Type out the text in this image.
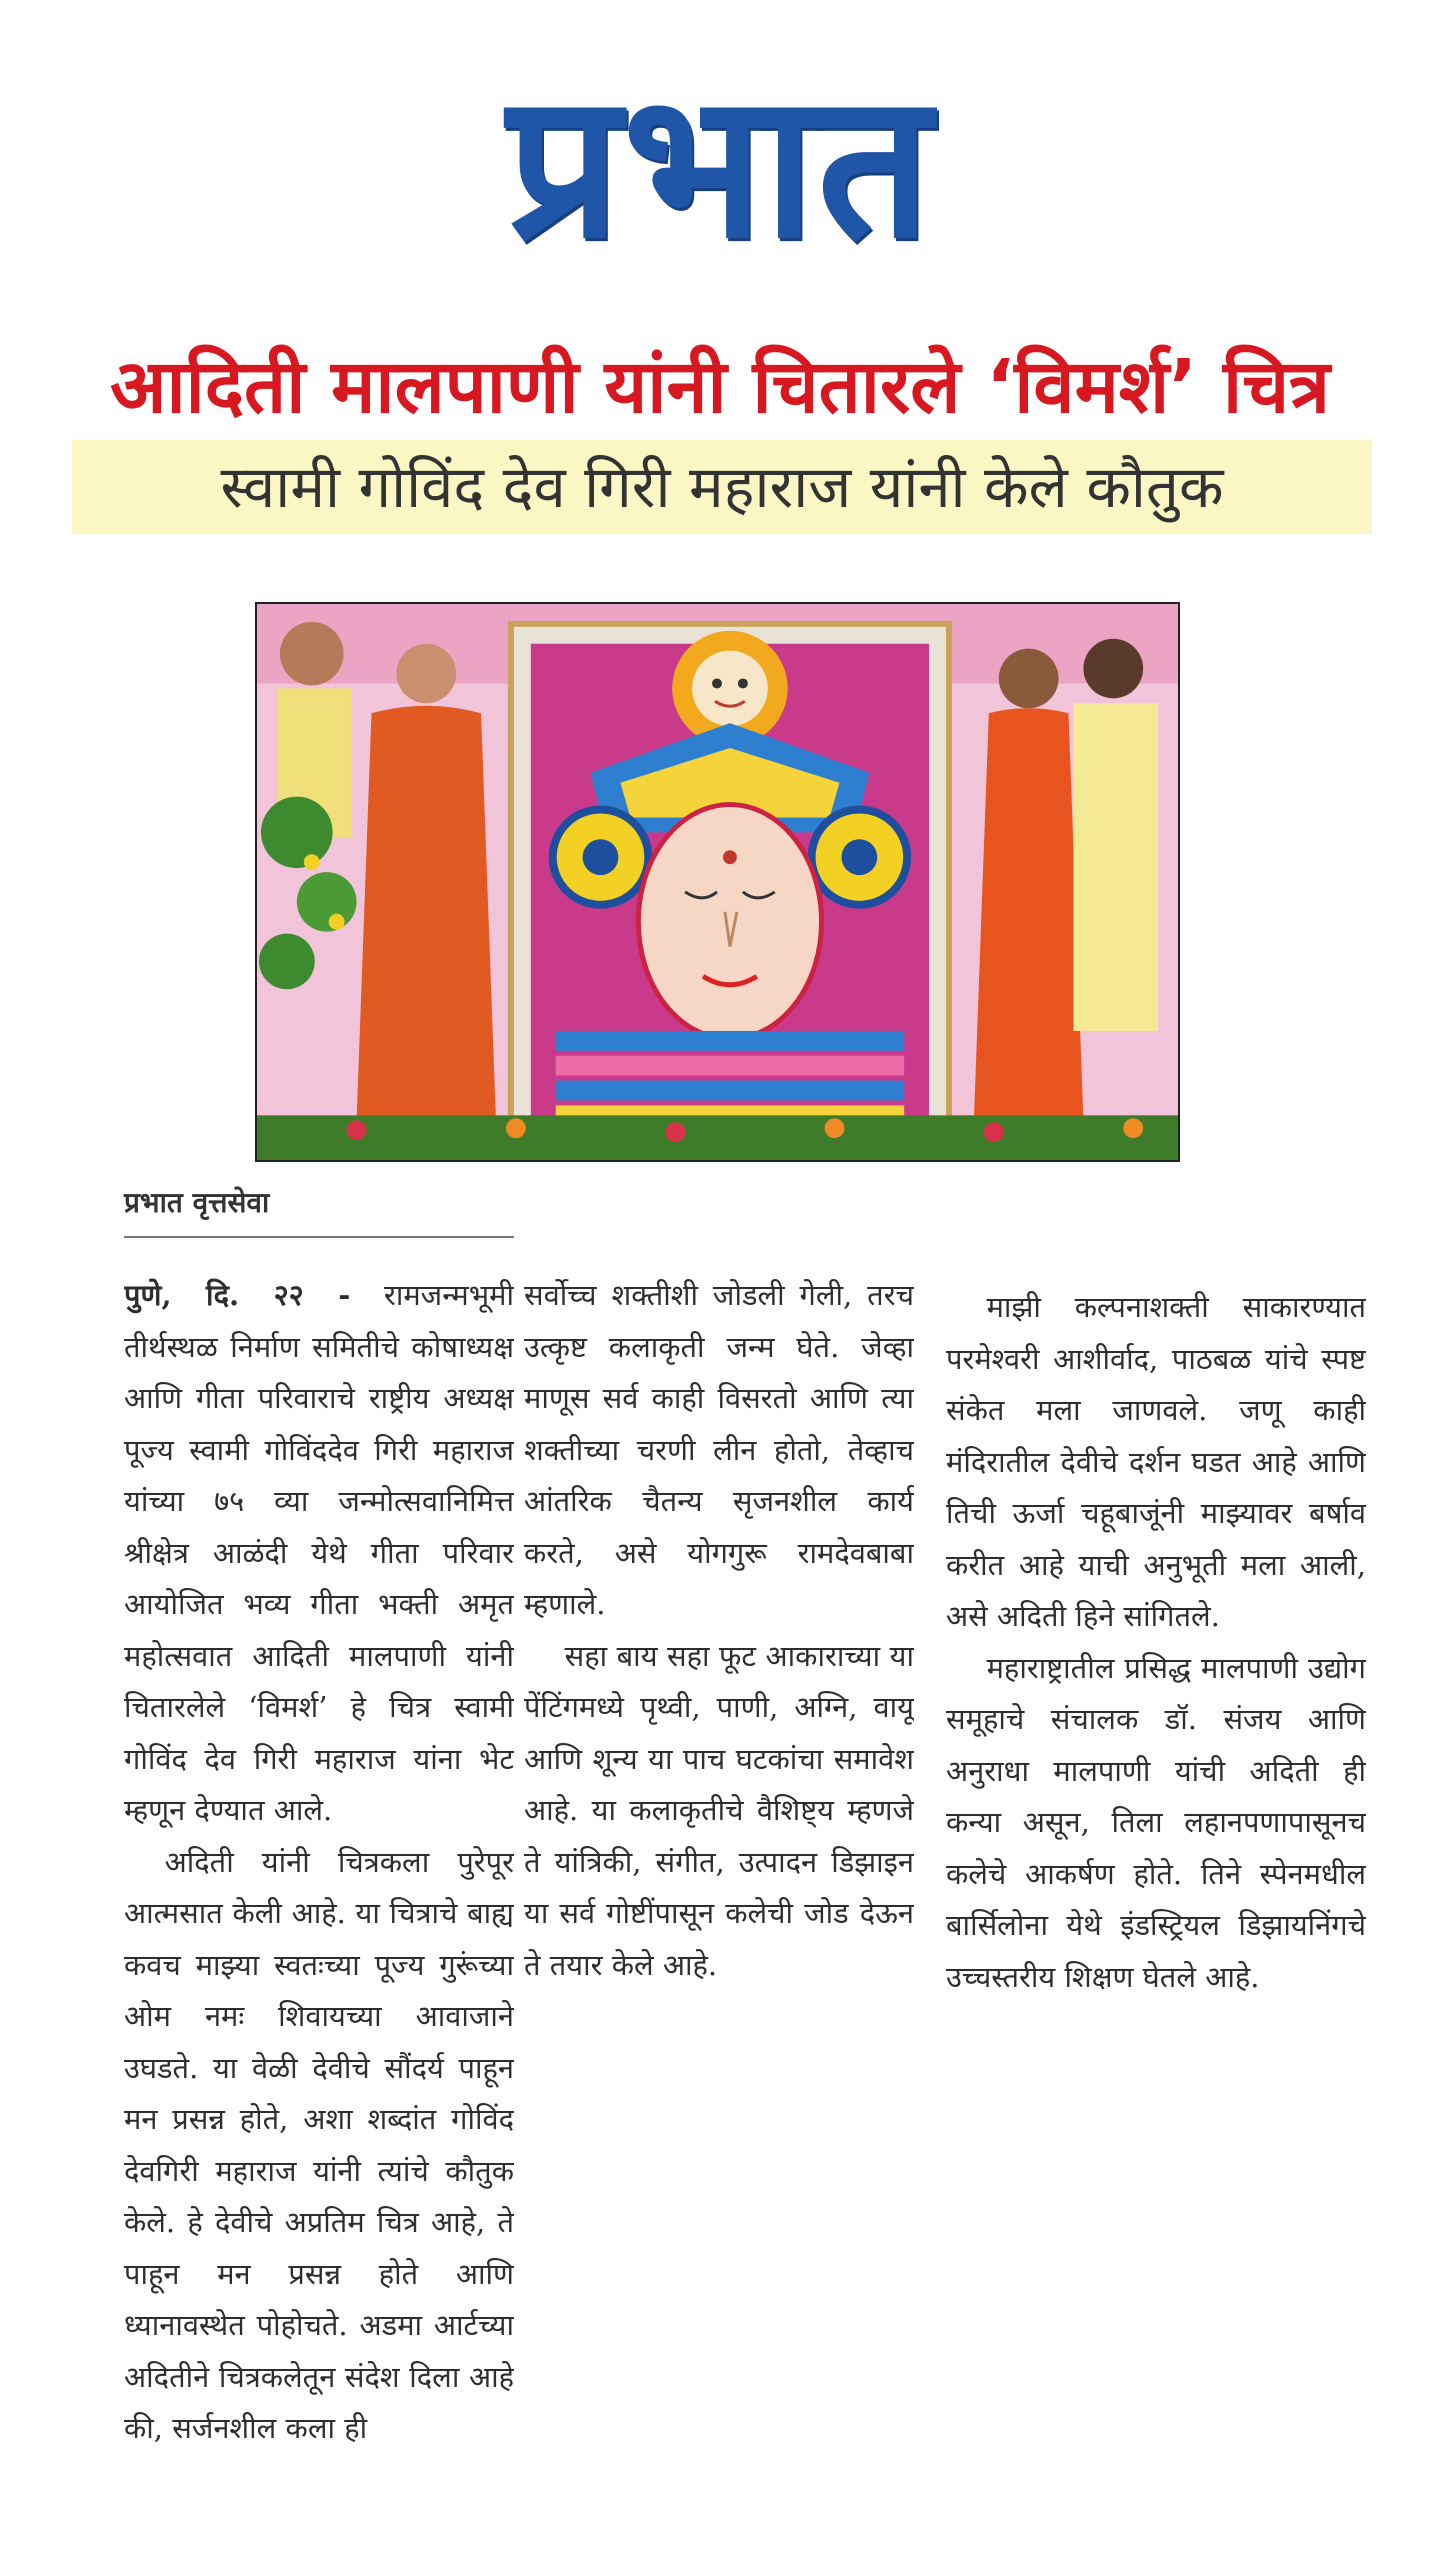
प्रभात
आदिती मालपाणी यांनी चितारले ‘विमर्श’ चित्र
स्वामी गोविंद देव गिरी महाराज यांनी केले कौतुक
प्रभात वृत्तसेवा

पुणे, दि. २२ - रामजन्मभूमी तीर्थस्थळ निर्माण समितीचे कोषाध्यक्ष आणि गीता परिवाराचे राष्ट्रीय अध्यक्ष पूज्य स्वामी गोविंददेव गिरी महाराज यांच्या ७५ व्या जन्मोत्सवानिमित्त श्रीक्षेत्र आळंदी येथे गीता परिवार आयोजित भव्य गीता भक्ती अमृत महोत्सवात आदिती मालपाणी यांनी चितारलेले ‘विमर्श’ हे चित्र स्वामी गोविंद देव गिरी महाराज यांना भेट म्हणून देण्यात आले.

अदिती यांनी चित्रकला पुरेपूर आत्मसात केली आहे. या चित्राचे बाह्य कवच माझ्या स्वतःच्या पूज्य गुरूंच्या ओम नमः शिवायच्या आवाजाने उघडते. या वेळी देवीचे सौंदर्य पाहून मन प्रसन्न होते, अशा शब्दांत गोविंद देवगिरी महाराज यांनी त्यांचे कौतुक केले. हे देवीचे अप्रतिम चित्र आहे, ते पाहून मन प्रसन्न होते आणि ध्यानावस्थेत पोहोचते. अडमा आर्टच्या अदितीने चित्रकलेतून संदेश दिला आहे की, सर्जनशील कला ही

सर्वोच्च शक्तीशी जोडली गेली, तरच उत्कृष्ट कलाकृती जन्म घेते. जेव्हा माणूस सर्व काही विसरतो आणि त्या शक्तीच्या चरणी लीन होतो, तेव्हाच आंतरिक चैतन्य सृजनशील कार्य करते, असे योगगुरू रामदेवबाबा म्हणाले.

सहा बाय सहा फूट आकाराच्या या पेंटिंगमध्ये पृथ्वी, पाणी, अग्नि, वायू आणि शून्य या पाच घटकांचा समावेश आहे. या कलाकृतीचे वैशिष्ट्य म्हणजे ते यांत्रिकी, संगीत, उत्पादन डिझाइन या सर्व गोष्टींपासून कलेची जोड देऊन ते तयार केले आहे.

माझी कल्पनाशक्ती साकारण्यात परमेश्वरी आशीर्वाद, पाठबळ यांचे स्पष्ट संकेत मला जाणवले. जणू काही मंदिरातील देवीचे दर्शन घडत आहे आणि तिची ऊर्जा चहूबाजूंनी माझ्यावर बर्षाव करीत आहे याची अनुभूती मला आली, असे अदिती हिने सांगितले.

महाराष्ट्रातील प्रसिद्ध मालपाणी उद्योग समूहाचे संचालक डॉ. संजय आणि अनुराधा मालपाणी यांची अदिती ही कन्या असून, तिला लहानपणापासूनच कलेचे आकर्षण होते. तिने स्पेनमधील बार्सिलोना येथे इंडस्ट्रियल डिझायनिंगचे उच्चस्तरीय शिक्षण घेतले आहे.
